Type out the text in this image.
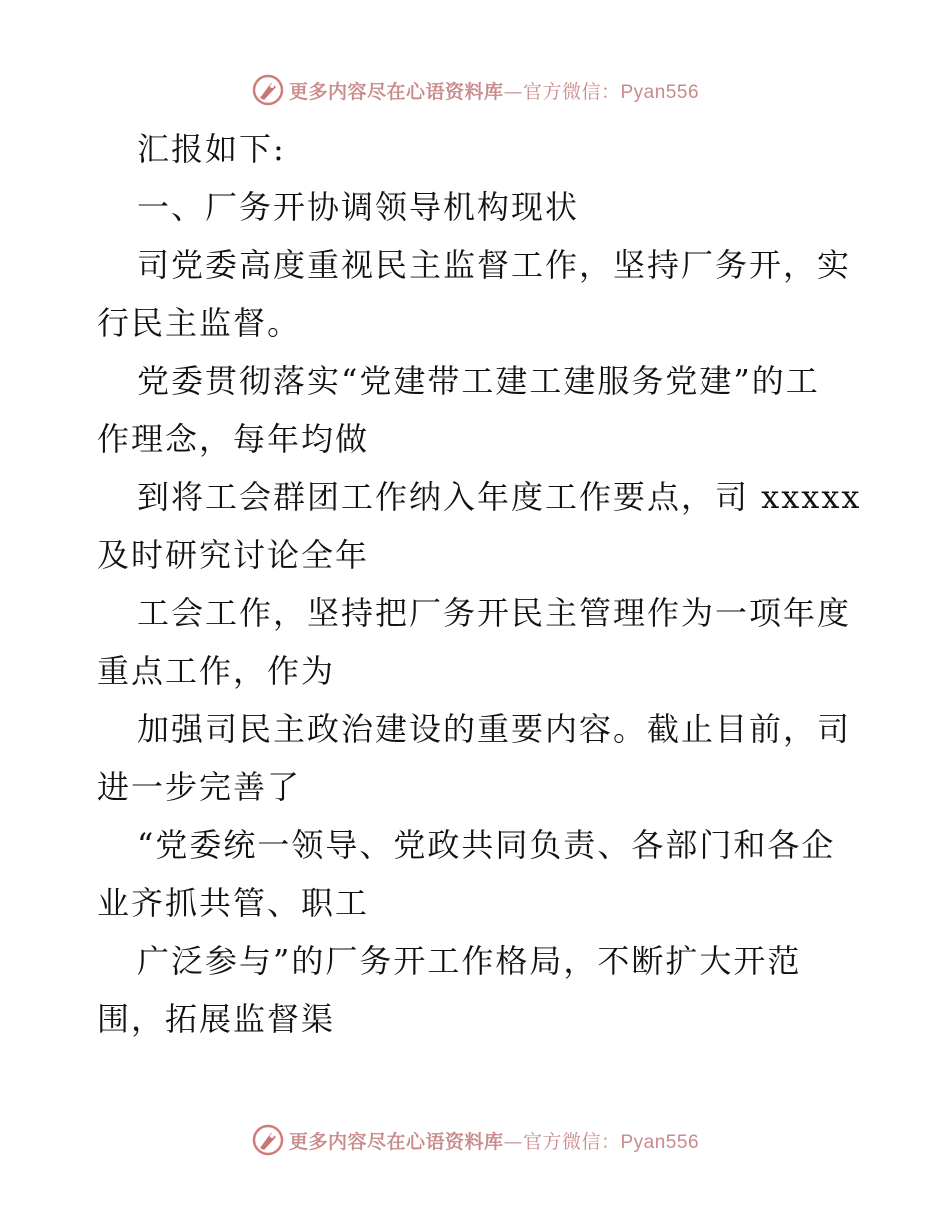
更多内容尽在心语资料库—官方微信：Pyan556
汇报如下:
一、厂务开协调领导机构现状
司党委高度重视民主监督工作，坚持厂务开，实
行民主监督。
党委贯彻落实“党建带工建工建服务党建”的工
作理念，每年均做
到将工会群团工作纳入年度工作要点，司 xxxxx
及时研究讨论全年
工会工作，坚持把厂务开民主管理作为一项年度
重点工作，作为
加强司民主政治建设的重要内容。截止目前，司
进一步完善了
“党委统一领导、党政共同负责、各部门和各企
业齐抓共管、职工
广泛参与”的厂务开工作格局，不断扩大开范
围，拓展监督渠
更多内容尽在心语资料库—官方微信：Pyan556
